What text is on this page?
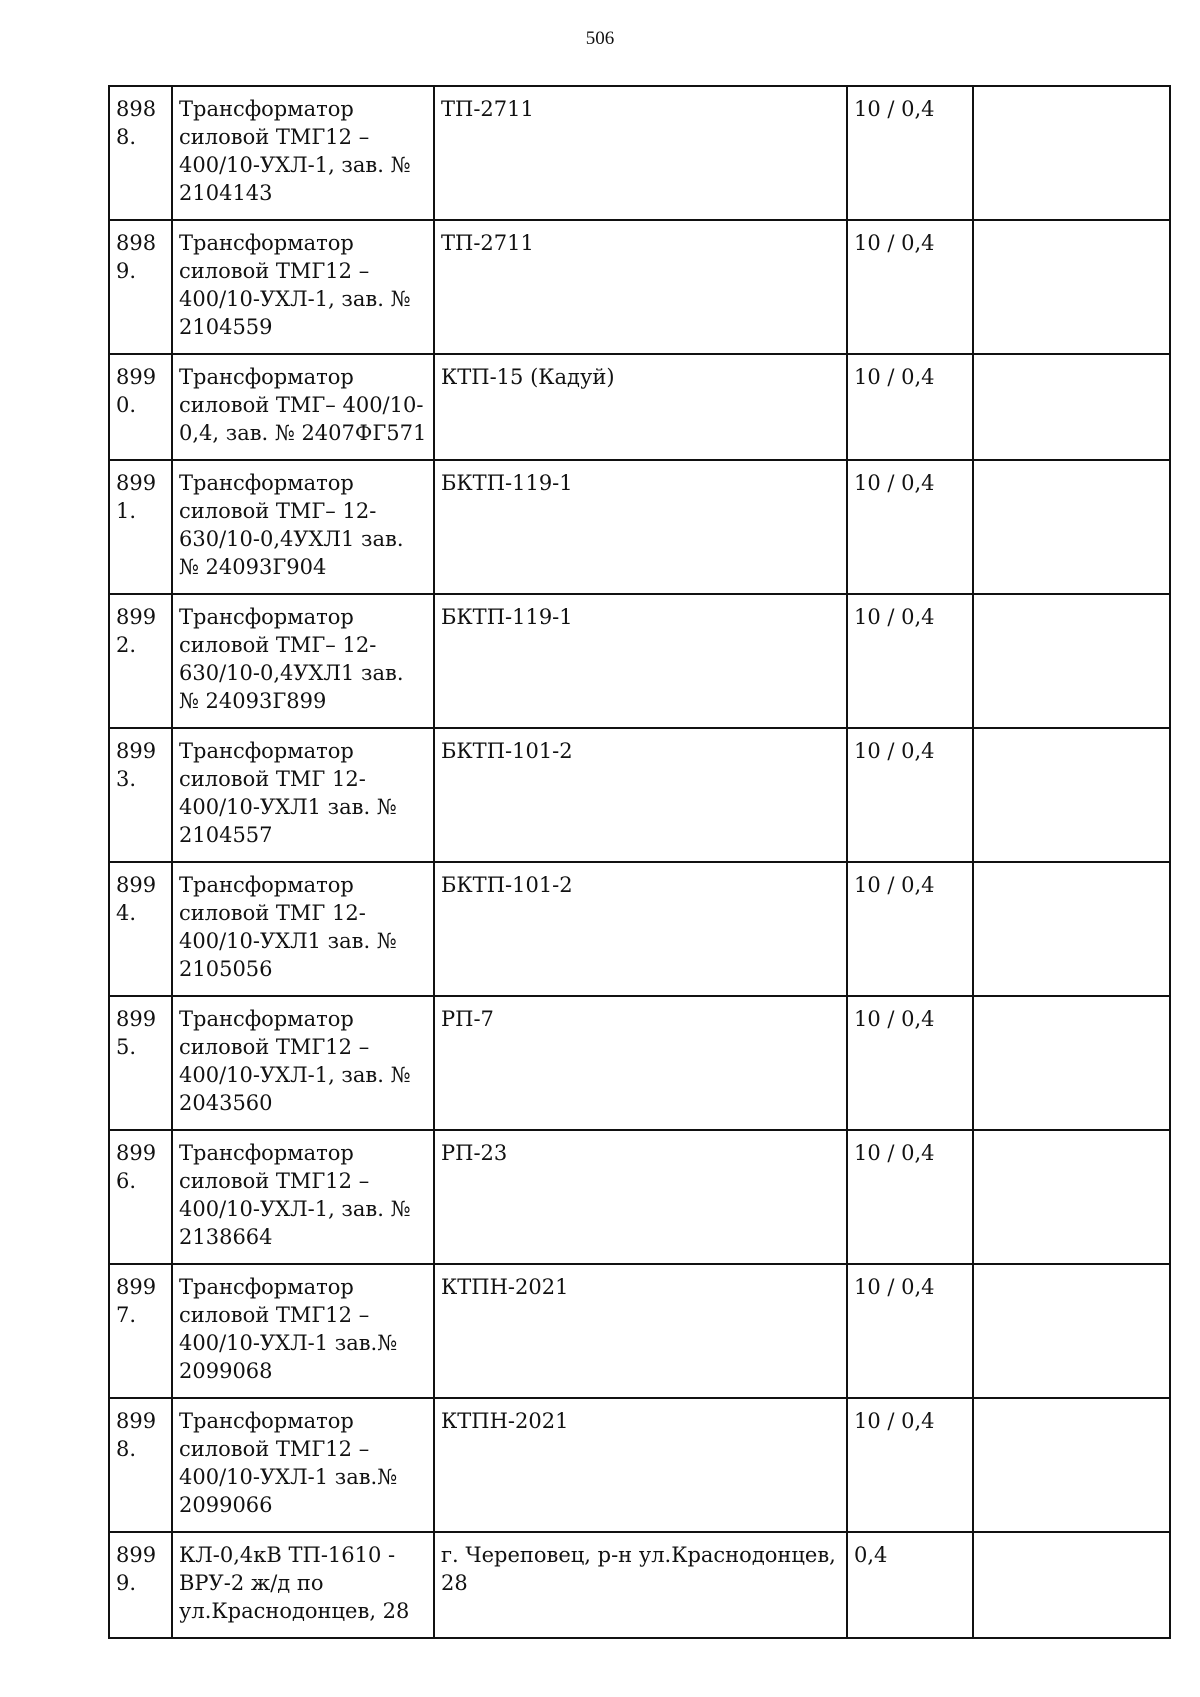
506
8988.	Трансформатор силовой ТМГ12 – 400/10-УХЛ-1, зав. № 2104143	ТП-2711	10 / 0,4	
8989.	Трансформатор силовой ТМГ12 – 400/10-УХЛ-1, зав. № 2104559	ТП-2711	10 / 0,4	
8990.	Трансформатор силовой ТМГ– 400/10-0,4, зав. № 2407ФГ571	КТП-15 (Кадуй)	10 / 0,4	
8991.	Трансформатор силовой ТМГ– 12-630/10-0,4УХЛ1 зав. № 24093Г904	БКТП-119-1	10 / 0,4	
8992.	Трансформатор силовой ТМГ– 12-630/10-0,4УХЛ1 зав. № 24093Г899	БКТП-119-1	10 / 0,4	
8993.	Трансформатор силовой ТМГ 12-400/10-УХЛ1 зав. № 2104557	БКТП-101-2	10 / 0,4	
8994.	Трансформатор силовой ТМГ 12-400/10-УХЛ1 зав. № 2105056	БКТП-101-2	10 / 0,4	
8995.	Трансформатор силовой ТМГ12 – 400/10-УХЛ-1, зав. № 2043560	РП-7	10 / 0,4	
8996.	Трансформатор силовой ТМГ12 – 400/10-УХЛ-1, зав. № 2138664	РП-23	10 / 0,4	
8997.	Трансформатор силовой ТМГ12 – 400/10-УХЛ-1 зав.№ 2099068	КТПН-2021	10 / 0,4	
8998.	Трансформатор силовой ТМГ12 – 400/10-УХЛ-1 зав.№ 2099066	КТПН-2021	10 / 0,4	
8999.	КЛ-0,4кВ ТП-1610 - ВРУ-2 ж/д по ул.Краснодонцев, 28	г. Череповец, р-н ул.Краснодонцев, 28	0,4	
